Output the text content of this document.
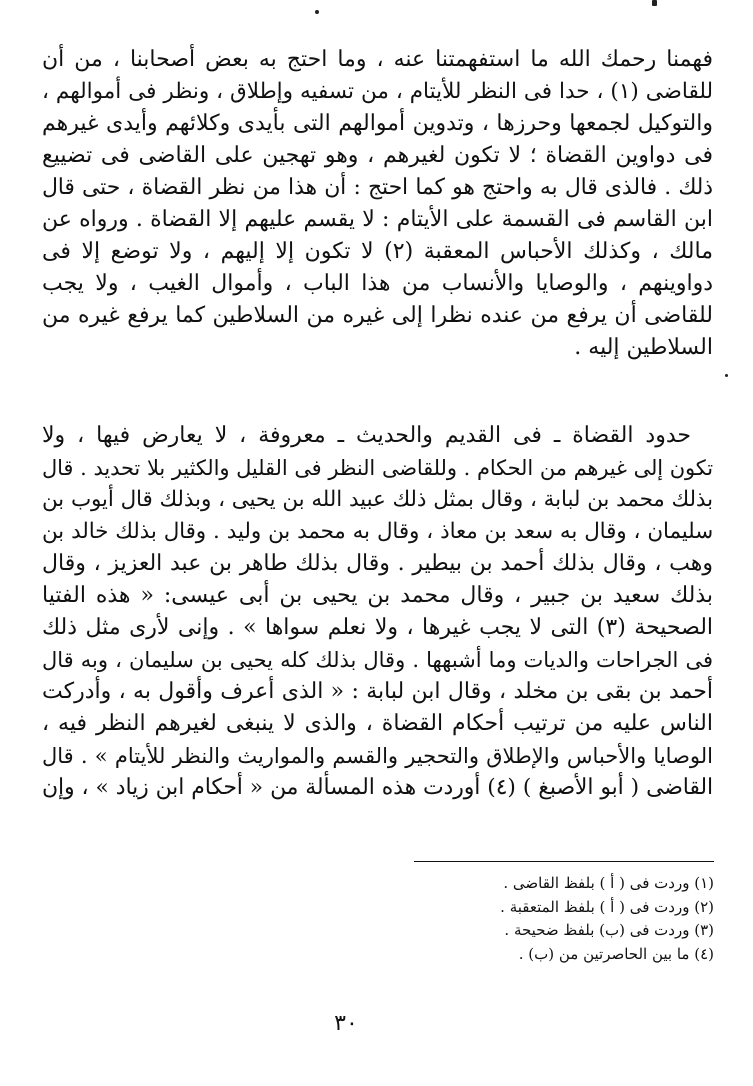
فهمنا رحمك الله ما استفهمتنا عنه ، وما احتج به بعض أصحابنا ، من أن
للقاضى (١) ، حدا فى النظر للأيتام ، من تسفيه وإطلاق ، ونظر فى أموالهم ،
والتوكيل لجمعها وحرزها ، وتدوين أموالهم التى بأيدى وكلائهم وأيدى غيرهم
فى دواوين القضاة ؛ لا تكون لغيرهم ، وهو تهجين على القاضى فى تضييع
ذلك . فالذى قال به واحتج هو كما احتج : أن هذا من نظر القضاة ، حتى قال
ابن القاسم فى القسمة على الأيتام : لا يقسم عليهم إلا القضاة . ورواه عن
مالك ، وكذلك الأحباس المعقبة (٢) لا تكون إلا إليهم ، ولا توضع إلا فى
دواوينهم ، والوصايا والأنساب من هذا الباب ، وأموال الغيب ، ولا يجب
للقاضى أن يرفع من عنده نظرا إلى غيره من السلاطين كما يرفع غيره من
السلاطين إليه .
حدود القضاة ـ فى القديم والحديث ـ معروفة ، لا يعارض فيها ، ولا
تكون إلى غيرهم من الحكام . وللقاضى النظر فى القليل والكثير بلا تحديد . قال
بذلك محمد بن لبابة ، وقال بمثل ذلك عبيد الله بن يحيى ، وبذلك قال أيوب بن
سليمان ، وقال به سعد بن معاذ ، وقال به محمد بن وليد . وقال بذلك خالد بن
وهب ، وقال بذلك أحمد بن بيطير . وقال بذلك طاهر بن عبد العزيز ، وقال
بذلك سعيد بن جبير ، وقال محمد بن يحيى بن أبى عيسى: « هذه الفتيا
الصحيحة (٣) التى لا يجب غيرها ، ولا نعلم سواها » . وإنى لأرى مثل ذلك
فى الجراحات والديات وما أشبهها . وقال بذلك كله يحيى بن سليمان ، وبه قال
أحمد بن بقى بن مخلد ، وقال ابن لبابة : « الذى أعرف وأقول به ، وأدركت
الناس عليه من ترتيب أحكام القضاة ، والذى لا ينبغى لغيرهم النظر فيه ،
الوصايا والأحباس والإطلاق والتحجير والقسم والمواريث والنظر للأيتام » . قال
القاضى ( أبو الأصبغ ) (٤) أوردت هذه المسألة من « أحكام ابن زياد » ، وإن
(١) وردت فى ( أ ) بلفظ القاضى .
(٢) وردت فى ( أ ) بلفظ المتعقبة .
(٣) وردت فى (ب) بلفظ ضحيحة .
(٤) ما بين الحاصرتين من (ب) .
٣٠
